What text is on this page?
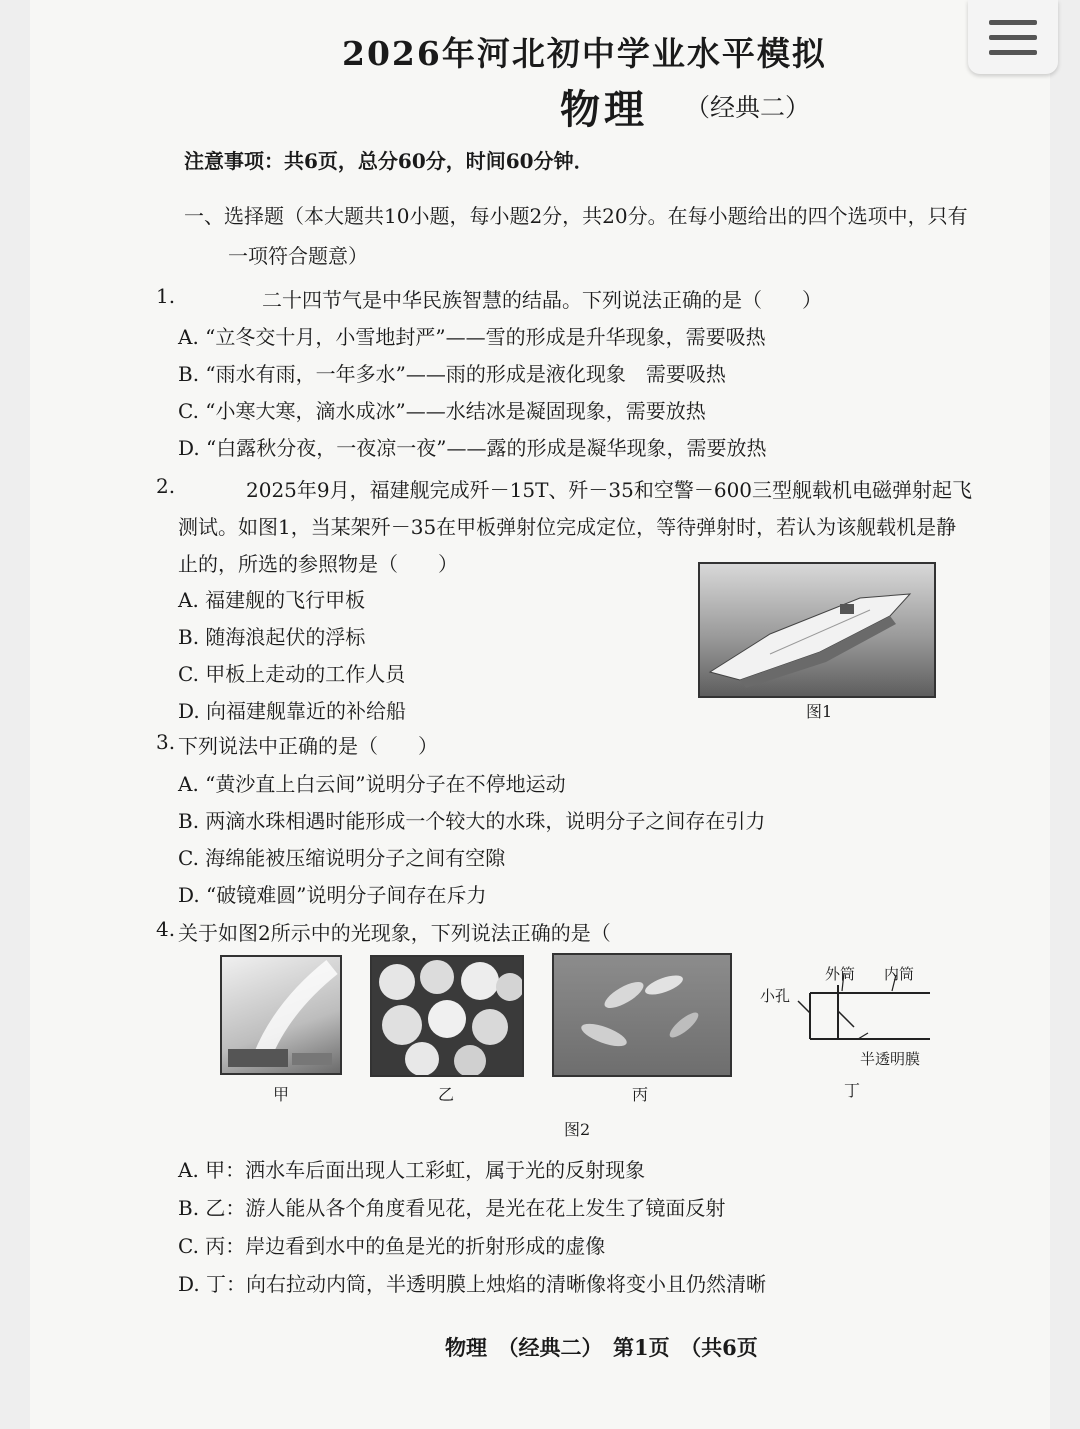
2026年河北初中学业水平模拟
物理 （经典二）
注意事项：共6页，总分60分，时间60分钟．
一、选择题（本大题共10小题，每小题2分，共20分。在每小题给出的四个选项中，只有
一项符合题意）
1.	二十四节气是中华民族智慧的结晶。下列说法正确的是（　　）
A. “立冬交十月，小雪地封严”——雪的形成是升华现象，需要吸热
B. “雨水有雨，一年多水”——雨的形成是液化现象　需要吸热
C. “小寒大寒，滴水成冰”——水结冰是凝固现象，需要放热
D. “白露秋分夜，一夜凉一夜”——露的形成是凝华现象，需要放热
2.	2025年9月，福建舰完成歼－15T、歼－35和空警－600三型舰载机电磁弹射起飞
测试。如图1，当某架歼－35在甲板弹射位完成定位，等待弹射时，若认为该舰载机是静
止的，所选的参照物是（　　）
A. 福建舰的飞行甲板
B. 随海浪起伏的浮标
C. 甲板上走动的工作人员
D. 向福建舰靠近的补给船	图1
3. 下列说法中正确的是（　　）
A. “黄沙直上白云间”说明分子在不停地运动
B. 两滴水珠相遇时能形成一个较大的水珠，说明分子之间存在引力
C. 海绵能被压缩说明分子之间有空隙
D. “破镜难圆”说明分子间存在斥力
4. 关于如图2所示中的光现象，下列说法正确的是（
外筒 内筒
小孔
半透明膜
甲	乙	丙	丁
图2
A. 甲：洒水车后面出现人工彩虹，属于光的反射现象
B. 乙：游人能从各个角度看见花，是光在花上发生了镜面反射
C. 丙：岸边看到水中的鱼是光的折射形成的虚像
D. 丁：向右拉动内筒，半透明膜上烛焰的清晰像将变小且仍然清晰
物理　（经典二）　第1页　（共6页
